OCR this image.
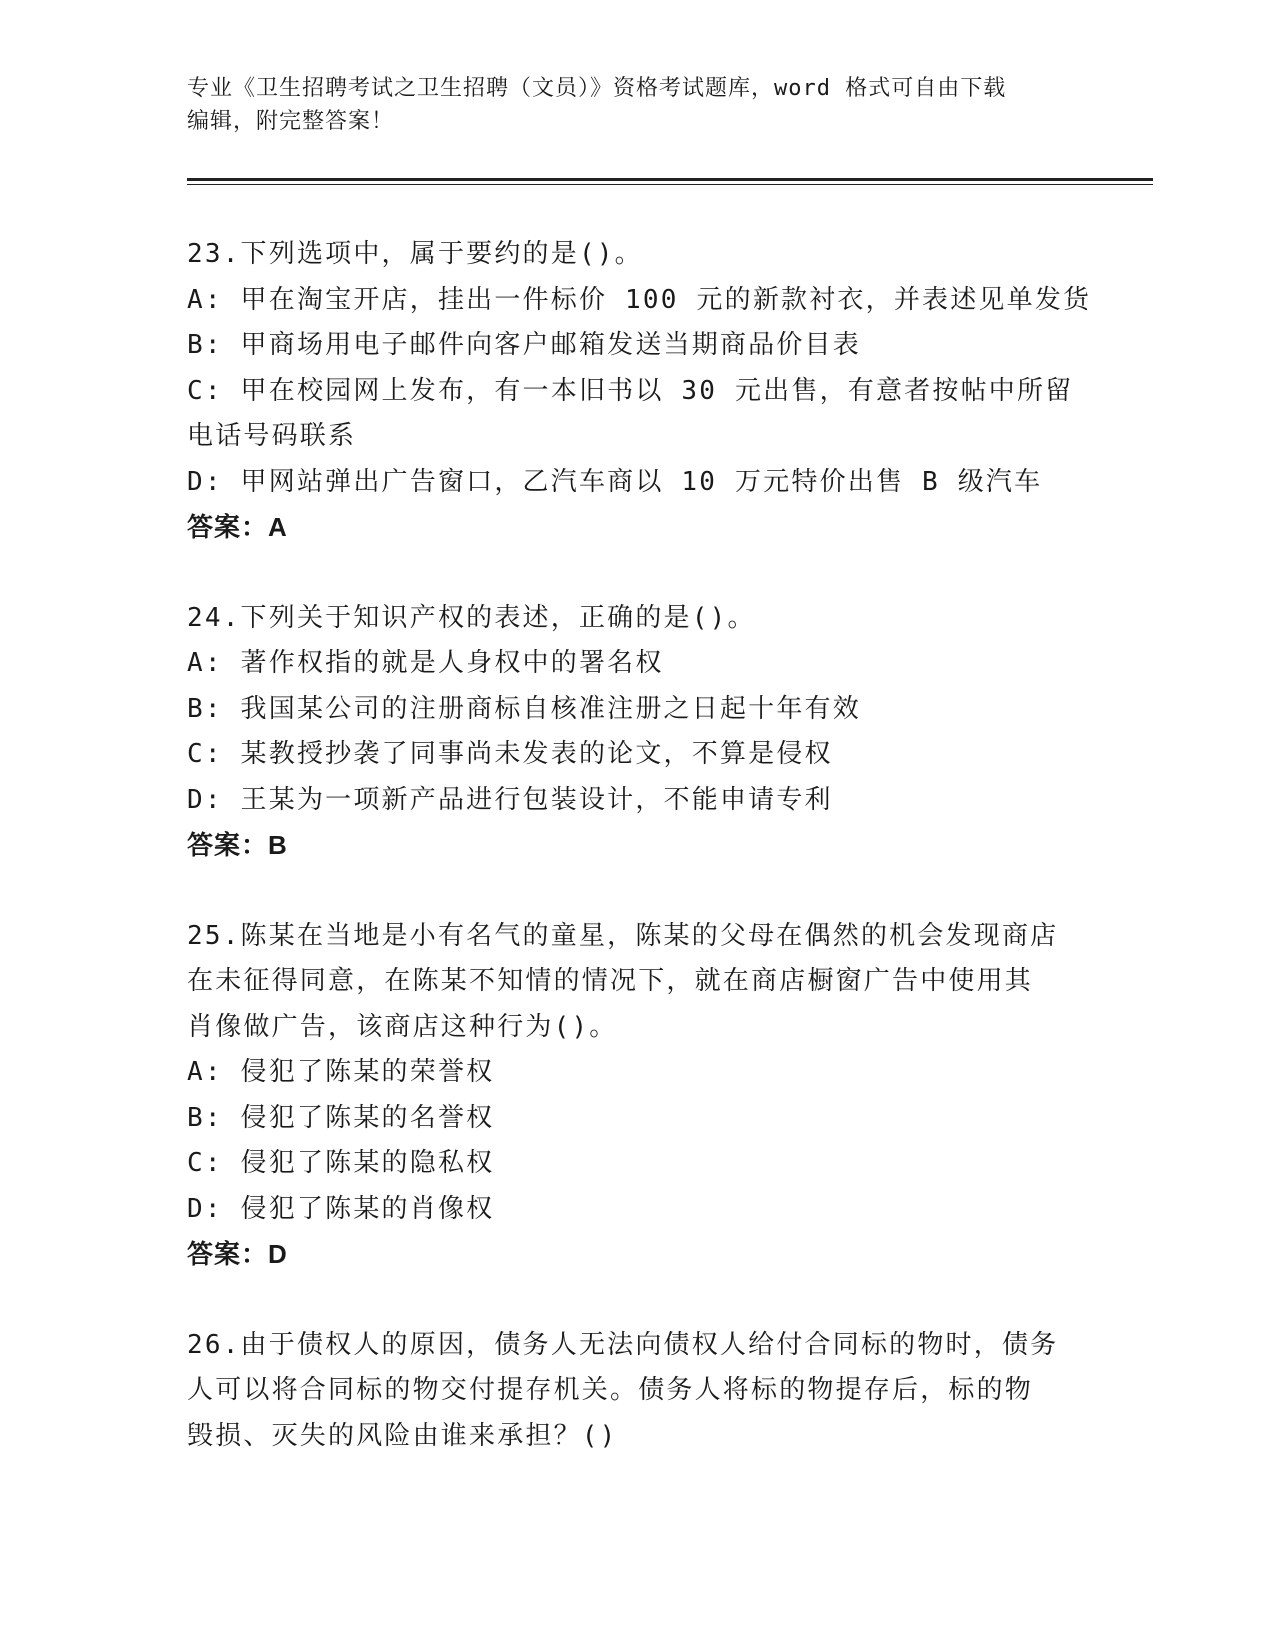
专业《卫生招聘考试之卫生招聘（文员）》资格考试题库，word 格式可自由下载
编辑，附完整答案！
23.下列选项中，属于要约的是()。
A: 甲在淘宝开店，挂出一件标价 100 元的新款衬衣，并表述见单发货
B: 甲商场用电子邮件向客户邮箱发送当期商品价目表
C: 甲在校园网上发布，有一本旧书以 30 元出售，有意者按帖中所留
电话号码联系
D: 甲网站弹出广告窗口，乙汽车商以 10 万元特价出售 B 级汽车
答案：A
24.下列关于知识产权的表述，正确的是()。
A: 著作权指的就是人身权中的署名权
B: 我国某公司的注册商标自核准注册之日起十年有效
C: 某教授抄袭了同事尚未发表的论文，不算是侵权
D: 王某为一项新产品进行包装设计，不能申请专利
答案：B
25.陈某在当地是小有名气的童星，陈某的父母在偶然的机会发现商店
在未征得同意，在陈某不知情的情况下，就在商店橱窗广告中使用其
肖像做广告，该商店这种行为()。
A: 侵犯了陈某的荣誉权
B: 侵犯了陈某的名誉权
C: 侵犯了陈某的隐私权
D: 侵犯了陈某的肖像权
答案：D
26.由于债权人的原因，债务人无法向债权人给付合同标的物时，债务
人可以将合同标的物交付提存机关。债务人将标的物提存后，标的物
毁损、灭失的风险由谁来承担？()
